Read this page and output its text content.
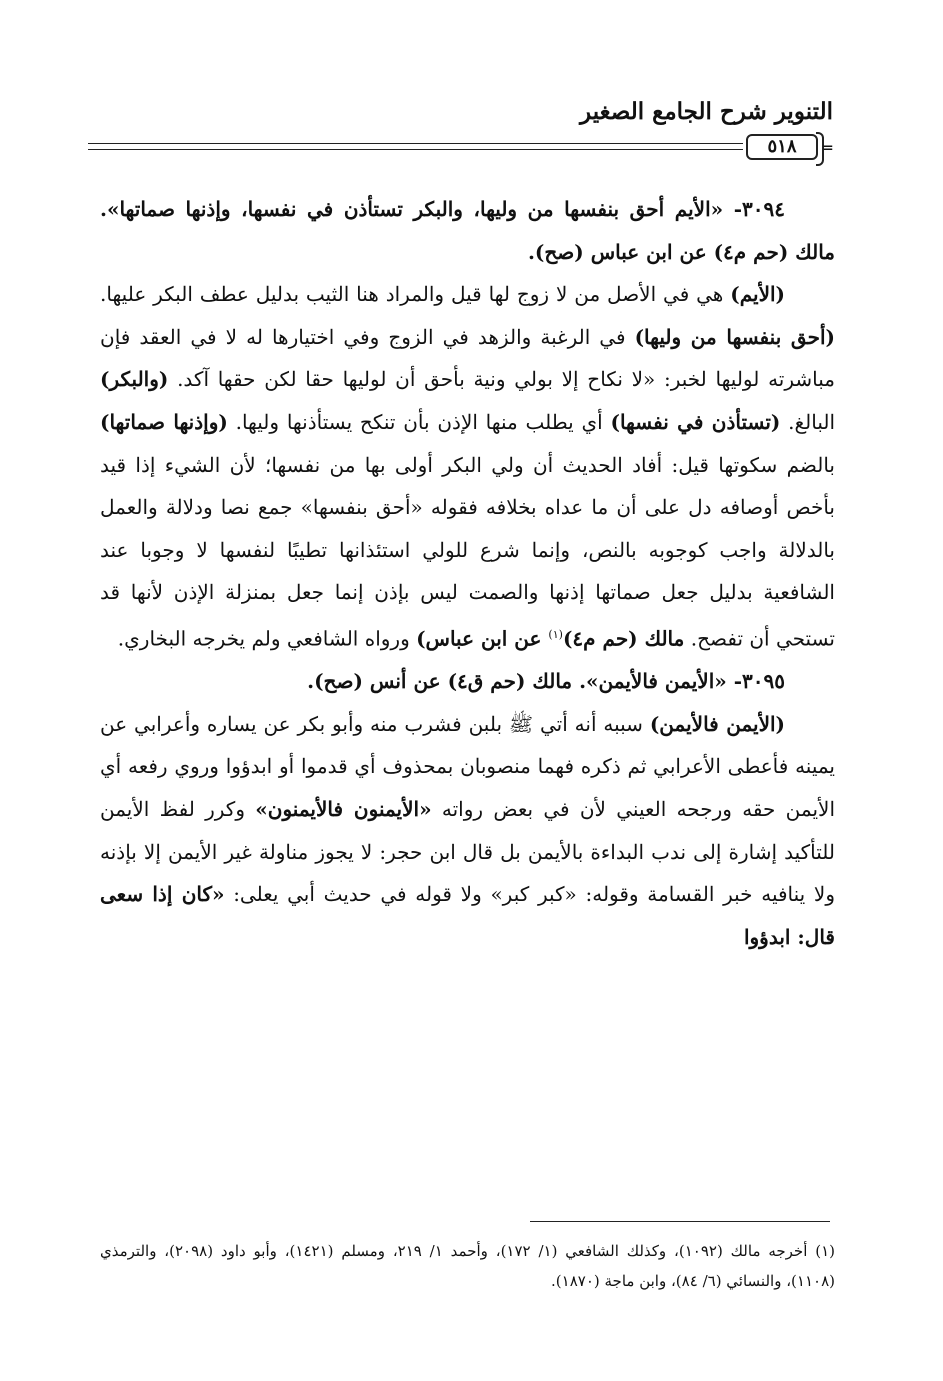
التنوير شرح الجامع الصغير
٥١٨	=

٣٠٩٤- «الأيم أحق بنفسها من وليها، والبكر تستأذن في نفسها، وإذنها صماتها». مالك (حم م٤) عن ابن عباس (صح).

(الأيم) هي في الأصل من لا زوج لها قيل والمراد هنا الثيب بدليل عطف البكر عليها. (أحق بنفسها من وليها) في الرغبة والزهد في الزوج وفي اختيارها له لا في العقد فإن مباشرته لوليها لخبر: «لا نكاح إلا بولي ونية بأحق أن لوليها حقا لكن حقها آكد. (والبكر) البالغ. (تستأذن في نفسها) أي يطلب منها الإذن بأن تنكح يستأذنها وليها. (وإذنها صماتها) بالضم سكوتها قيل: أفاد الحديث أن ولي البكر أولى بها من نفسها؛ لأن الشيء إذا قيد بأخص أوصافه دل على أن ما عداه بخلافه فقوله «أحق بنفسها» جمع نصا ودلالة والعمل بالدلالة واجب كوجوبه بالنص، وإنما شرع للولي استئذانها تطيبًا لنفسها لا وجوبا عند الشافعية بدليل جعل صماتها إذنها والصمت ليس بإذن إنما جعل بمنزلة الإذن لأنها قد تستحي أن تفصح. مالك (حم م٤)$^{(١)}$ عن ابن عباس) ورواه الشافعي ولم يخرجه البخاري.

٣٠٩٥- «الأيمن فالأيمن». مالك (حم ق٤) عن أنس (صح).

(الأيمن فالأيمن) سببه أنه أتي ﷺ بلبن فشرب منه وأبو بكر عن يساره وأعرابي عن يمينه فأعطى الأعرابي ثم ذكره فهما منصوبان بمحذوف أي قدموا أو ابدؤوا وروي رفعه أي الأيمن حقه ورجحه العيني لأن في بعض رواته «الأيمنون فالأيمنون» وكرر لفظ الأيمن للتأكيد إشارة إلى ندب البداءة بالأيمن بل قال ابن حجر: لا يجوز مناولة غير الأيمن إلا بإذنه ولا ينافيه خبر القسامة وقوله: «كبر كبر» ولا قوله في حديث أبي يعلى: «كان إذا سعى قال: ابدؤوا

(١) أخرجه مالك (١٠٩٢)، وكذلك الشافعي (١/ ١٧٢)، وأحمد ١/ ٢١٩، ومسلم (١٤٢١)، وأبو داود (٢٠٩٨)، والترمذي (١١٠٨)، والنسائي (٦/ ٨٤)، وابن ماجة (١٨٧٠).
